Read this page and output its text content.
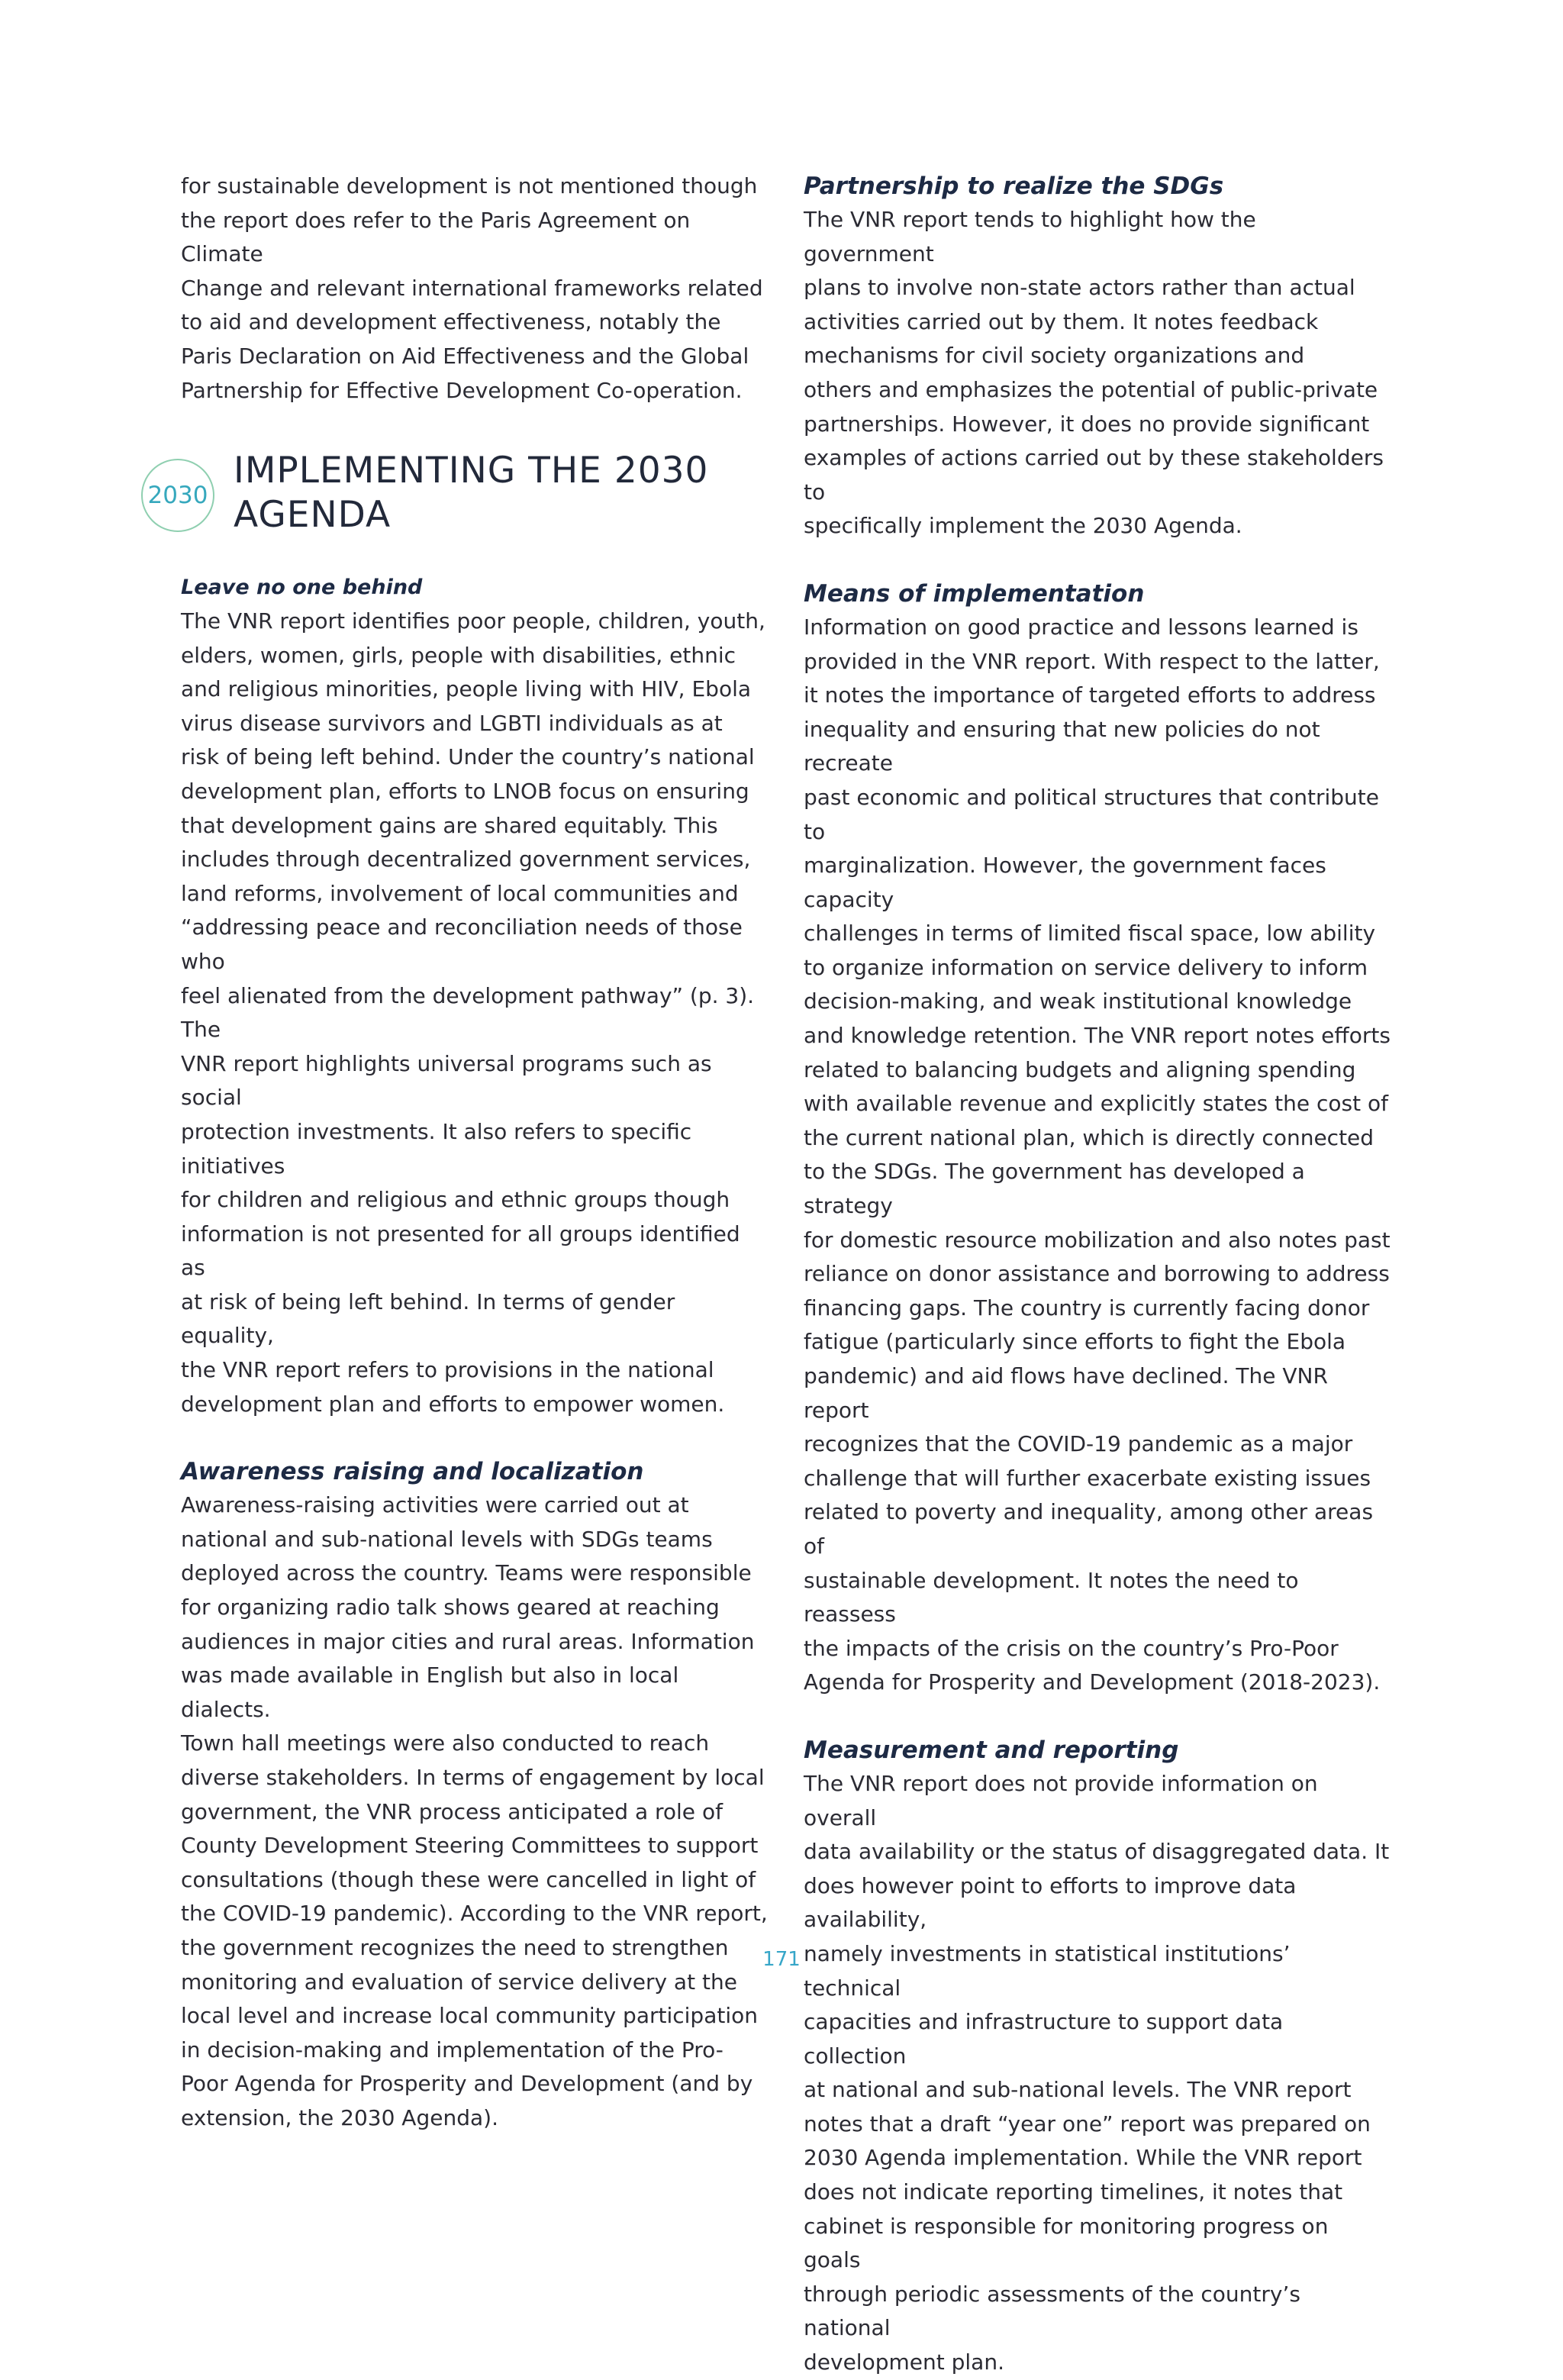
for sustainable development is not mentioned though
the report does refer to the Paris Agreement on Climate
Change and relevant international frameworks related
to aid and development effectiveness, notably the
Paris Declaration on Aid Effectiveness and the Global
Partnership for Effective Development Co-operation.

2030
IMPLEMENTING THE 2030
AGENDA
Leave no one behind

The VNR report identifies poor people, children, youth,
elders, women, girls, people with disabilities, ethnic
and religious minorities, people living with HIV, Ebola
virus disease survivors and LGBTI individuals as at
risk of being left behind. Under the country’s national
development plan, efforts to LNOB focus on ensuring
that development gains are shared equitably. This
includes through decentralized government services,
land reforms, involvement of local communities and
“addressing peace and reconciliation needs of those who
feel alienated from the development pathway” (p. 3). The
VNR report highlights universal programs such as social
protection investments. It also refers to specific initiatives
for children and religious and ethnic groups though
information is not presented for all groups identified as
at risk of being left behind. In terms of gender equality,
the VNR report refers to provisions in the national
development plan and efforts to empower women.

Awareness raising and localization

Awareness-raising activities were carried out at
national and sub-national levels with SDGs teams
deployed across the country. Teams were responsible
for organizing radio talk shows geared at reaching
audiences in major cities and rural areas. Information
was made available in English but also in local dialects.
Town hall meetings were also conducted to reach
diverse stakeholders. In terms of engagement by local
government, the VNR process anticipated a role of
County Development Steering Committees to support
consultations (though these were cancelled in light of
the COVID-19 pandemic). According to the VNR report,
the government recognizes the need to strengthen
monitoring and evaluation of service delivery at the
local level and increase local community participation
in decision-making and implementation of the Pro-
Poor Agenda for Prosperity and Development (and by
extension, the 2030 Agenda).

Partnership to realize the SDGs

The VNR report tends to highlight how the government
plans to involve non-state actors rather than actual
activities carried out by them. It notes feedback
mechanisms for civil society organizations and
others and emphasizes the potential of public-private
partnerships. However, it does no provide significant
examples of actions carried out by these stakeholders to
specifically implement the 2030 Agenda.

Means of implementation

Information on good practice and lessons learned is
provided in the VNR report. With respect to the latter,
it notes the importance of targeted efforts to address
inequality and ensuring that new policies do not recreate
past economic and political structures that contribute to
marginalization. However, the government faces capacity
challenges in terms of limited fiscal space, low ability
to organize information on service delivery to inform
decision-making, and weak institutional knowledge
and knowledge retention. The VNR report notes efforts
related to balancing budgets and aligning spending
with available revenue and explicitly states the cost of
the current national plan, which is directly connected
to the SDGs. The government has developed a strategy
for domestic resource mobilization and also notes past
reliance on donor assistance and borrowing to address
financing gaps. The country is currently facing donor
fatigue (particularly since efforts to fight the Ebola
pandemic) and aid flows have declined. The VNR report
recognizes that the COVID-19 pandemic as a major
challenge that will further exacerbate existing issues
related to poverty and inequality, among other areas of
sustainable development. It notes the need to reassess
the impacts of the crisis on the country’s Pro-Poor
Agenda for Prosperity and Development (2018-2023).

Measurement and reporting

The VNR report does not provide information on overall
data availability or the status of disaggregated data. It
does however point to efforts to improve data availability,
namely investments in statistical institutions’ technical
capacities and infrastructure to support data collection
at national and sub-national levels. The VNR report
notes that a draft “year one” report was prepared on
2030 Agenda implementation. While the VNR report
does not indicate reporting timelines, it notes that
cabinet is responsible for monitoring progress on goals
through periodic assessments of the country’s national
development plan.

171
